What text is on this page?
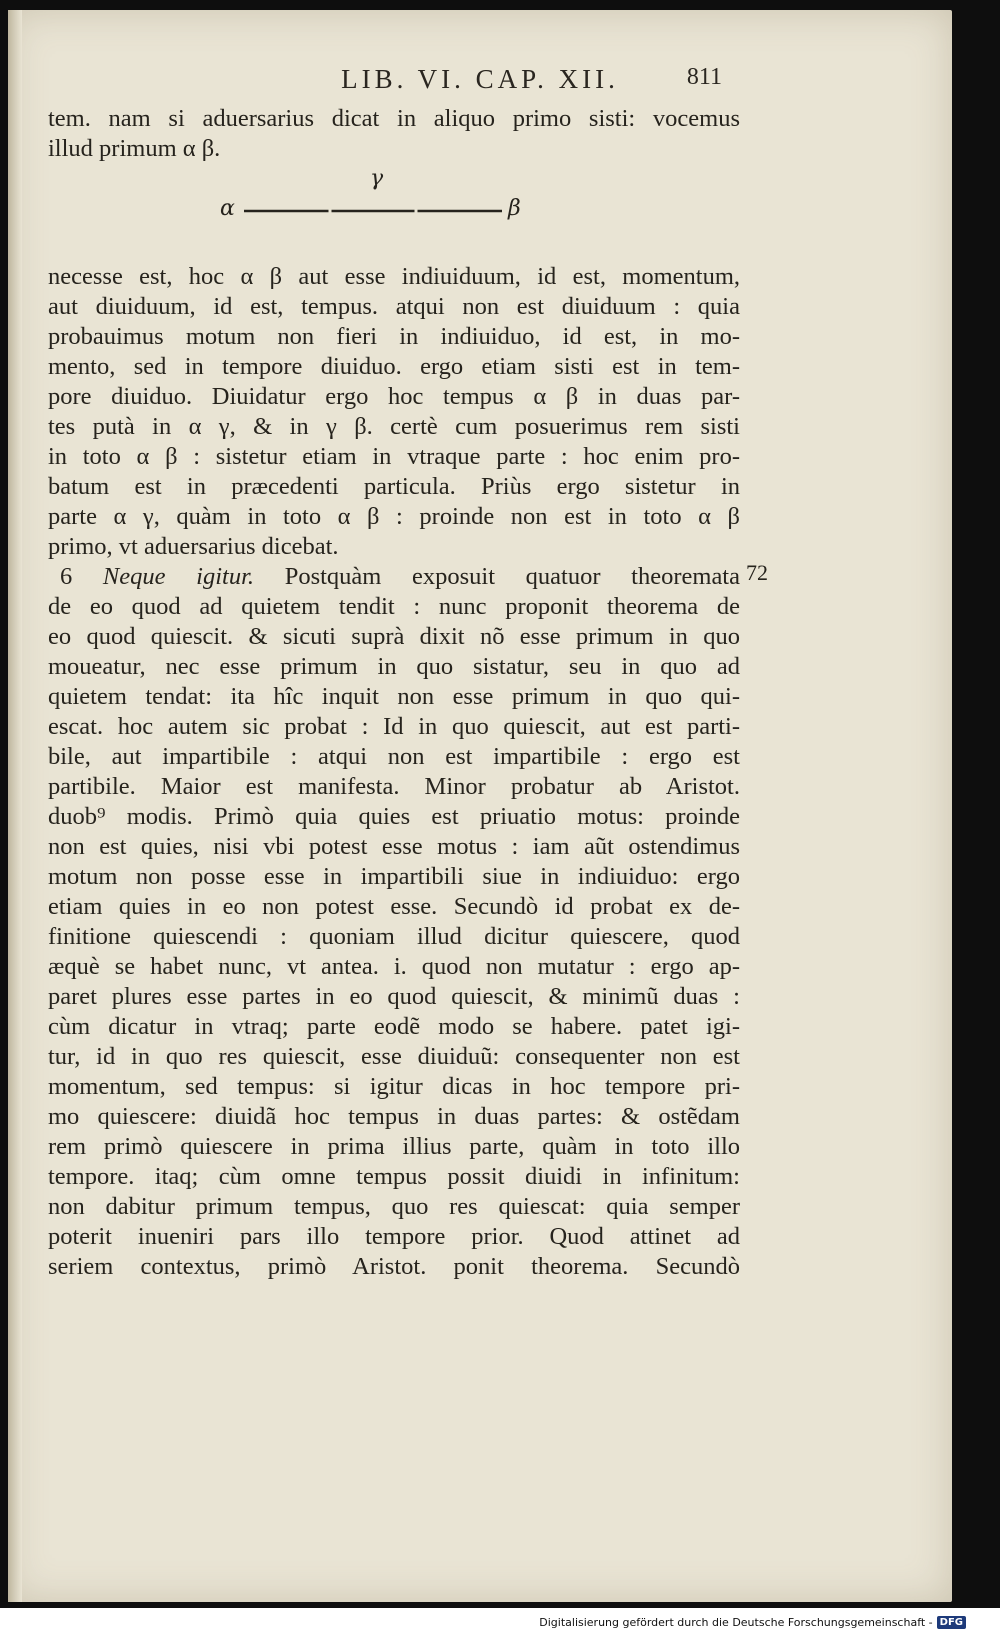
LIB. VI. CAP. XII.	811
tem. nam si aduersarius dicat in aliquo primo sisti: vocemus
illud primum α β.
γ
α	β
necesse est, hoc α β aut esse indiuiduum, id est, momentum,
aut diuiduum, id est, tempus. atqui non est diuiduum : quia
probauimus motum non fieri in indiuiduo, id est, in mo-
mento, sed in tempore diuiduo. ergo etiam sisti est in tem-
pore diuiduo. Diuidatur ergo hoc tempus α β in duas par-
tes putà in α γ, & in γ β. certè cum posuerimus rem sisti
in toto α β : sistetur etiam in vtraque parte : hoc enim pro-
batum est in præcedenti particula. Priùs ergo sistetur in
parte α γ, quàm in toto α β : proinde non est in toto α β
primo, vt aduersarius dicebat.
6 Neque igitur. Postquàm exposuit quatuor theoremata
de eo quod ad quietem tendit : nunc proponit theorema de
eo quod quiescit. & sicuti suprà dixit nõ esse primum in quo
moueatur, nec esse primum in quo sistatur, seu in quo ad
quietem tendat: ita hîc inquit non esse primum in quo qui-
escat. hoc autem sic probat : Id in quo quiescit, aut est parti-
bile, aut impartibile : atqui non est impartibile : ergo est
partibile. Maior est manifesta. Minor probatur ab Aristot.
duob⁹ modis. Primò quia quies est priuatio motus: proinde
non est quies, nisi vbi potest esse motus : iam aũt ostendimus
motum non posse esse in impartibili siue in indiuiduo: ergo
etiam quies in eo non potest esse. Secundò id probat ex de-
finitione quiescendi : quoniam illud dicitur quiescere, quod
æquè se habet nunc, vt antea. i. quod non mutatur : ergo ap-
paret plures esse partes in eo quod quiescit, & minimũ duas :
cùm dicatur in vtraq; parte eodẽ modo se habere. patet igi-
tur, id in quo res quiescit, esse diuiduũ: consequenter non est
momentum, sed tempus: si igitur dicas in hoc tempore pri-
mo quiescere: diuidã hoc tempus in duas partes: & ostẽdam
rem primò quiescere in prima illius parte, quàm in toto illo
tempore. itaq; cùm omne tempus possit diuidi in infinitum:
non dabitur primum tempus, quo res quiescat: quia semper
poterit inueniri pars illo tempore prior. Quod attinet ad
seriem contextus, primò Aristot. ponit theorema. Secundò
72
Digitalisierung gefördert durch die Deutsche Forschungsgemeinschaft - DFG
